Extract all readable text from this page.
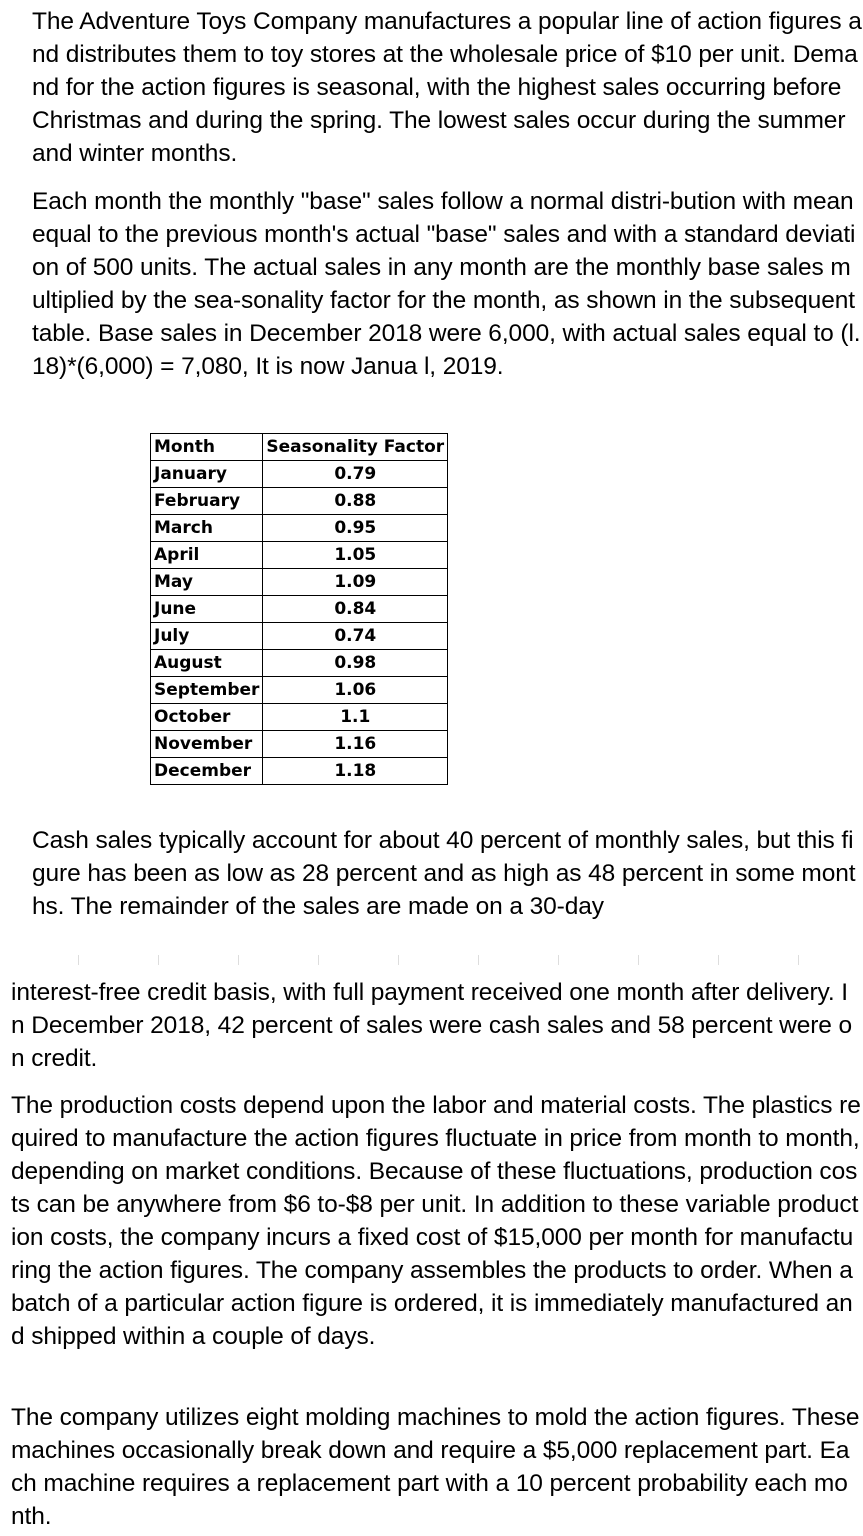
The Adventure Toys Company manufactures a popular line of action figures and distributes them to toy stores at the wholesale price of $10 per unit. Demand for the action figures is seasonal, with the highest sales occurring before Christmas and during the spring. The lowest sales occur during the summer and winter months.

Each month the monthly "base" sales follow a normal distri-bution with mean equal to the previous month's actual "base" sales and with a standard deviation of 500 units. The actual sales in any month are the monthly base sales multiplied by the sea-sonality factor for the month, as shown in the subsequent table. Base sales in December 2018 were 6,000, with actual sales equal to (l.18)*(6,000) = 7,080, It is now Janua l, 2019.

Month	Seasonality Factor
January	0.79
February	0.88
March	0.95
April	1.05
May	1.09
June	0.84
July	0.74
August	0.98
September	1.06
October	1.1
November	1.16
December	1.18

Cash sales typically account for about 40 percent of monthly sales, but this figure has been as low as 28 percent and as high as 48 percent in some months. The remainder of the sales are made on a 30-day

interest-free credit basis, with full payment received one month after delivery. In December 2018, 42 percent of sales were cash sales and 58 percent were on credit.

The production costs depend upon the labor and material costs. The plastics required to manufacture the action figures fluctuate in price from month to month, depending on market conditions. Because of these fluctuations, production costs can be anywhere from $6 to-$8 per unit. In addition to these variable production costs, the company incurs a fixed cost of $15,000 per month for manufacturing the action figures. The company assembles the products to order. When a batch of a particular action figure is ordered, it is immediately manufactured and shipped within a couple of days.

The company utilizes eight molding machines to mold the action figures. These machines occasionally break down and require a $5,000 replacement part. Each machine requires a replacement part with a 10 percent probability each month.
